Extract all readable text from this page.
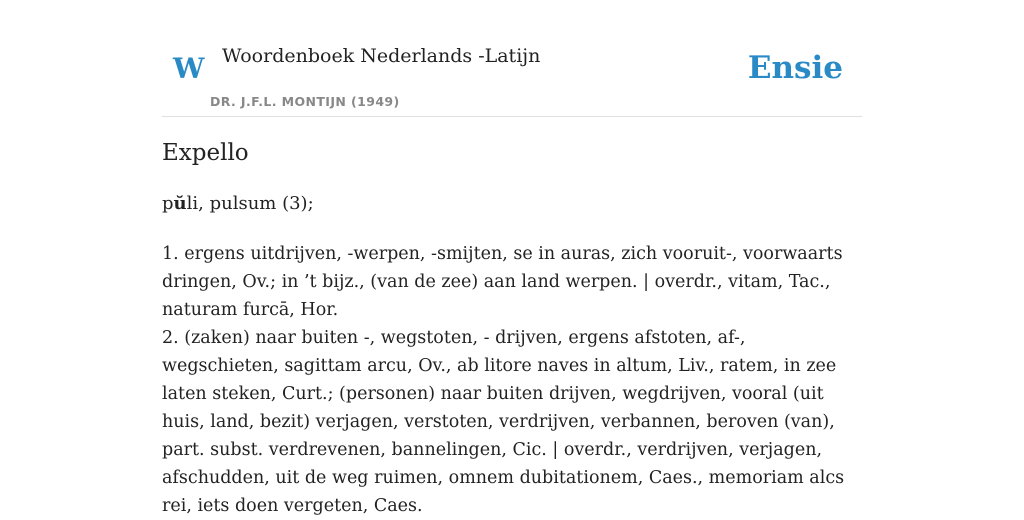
W Woordenboek Nederlands -Latijn
DR. J.F.L. MONTIJN (1949)
Ensie
Expello
pŭli, pulsum (3);

1. ergens uitdrijven, -werpen, -smijten, se in auras, zich vooruit-, voorwaarts dringen, Ov.; in ’t bijz., (van de zee) aan land werpen. | overdr., vitam, Tac., naturam furcā, Hor.

2. (zaken) naar buiten -, wegstoten, - drijven, ergens afstoten, af-, wegschieten, sagittam arcu, Ov., ab litore naves in altum, Liv., ratem, in zee laten steken, Curt.; (personen) naar buiten drijven, wegdrijven, vooral (uit huis, land, bezit) verjagen, verstoten, verdrijven, verbannen, beroven (van), part. subst. verdrevenen, bannelingen, Cic. | overdr., verdrijven, verjagen, afschudden, uit de weg ruimen, omnem dubitationem, Caes., memoriam alcs rei, iets doen vergeten, Caes.
